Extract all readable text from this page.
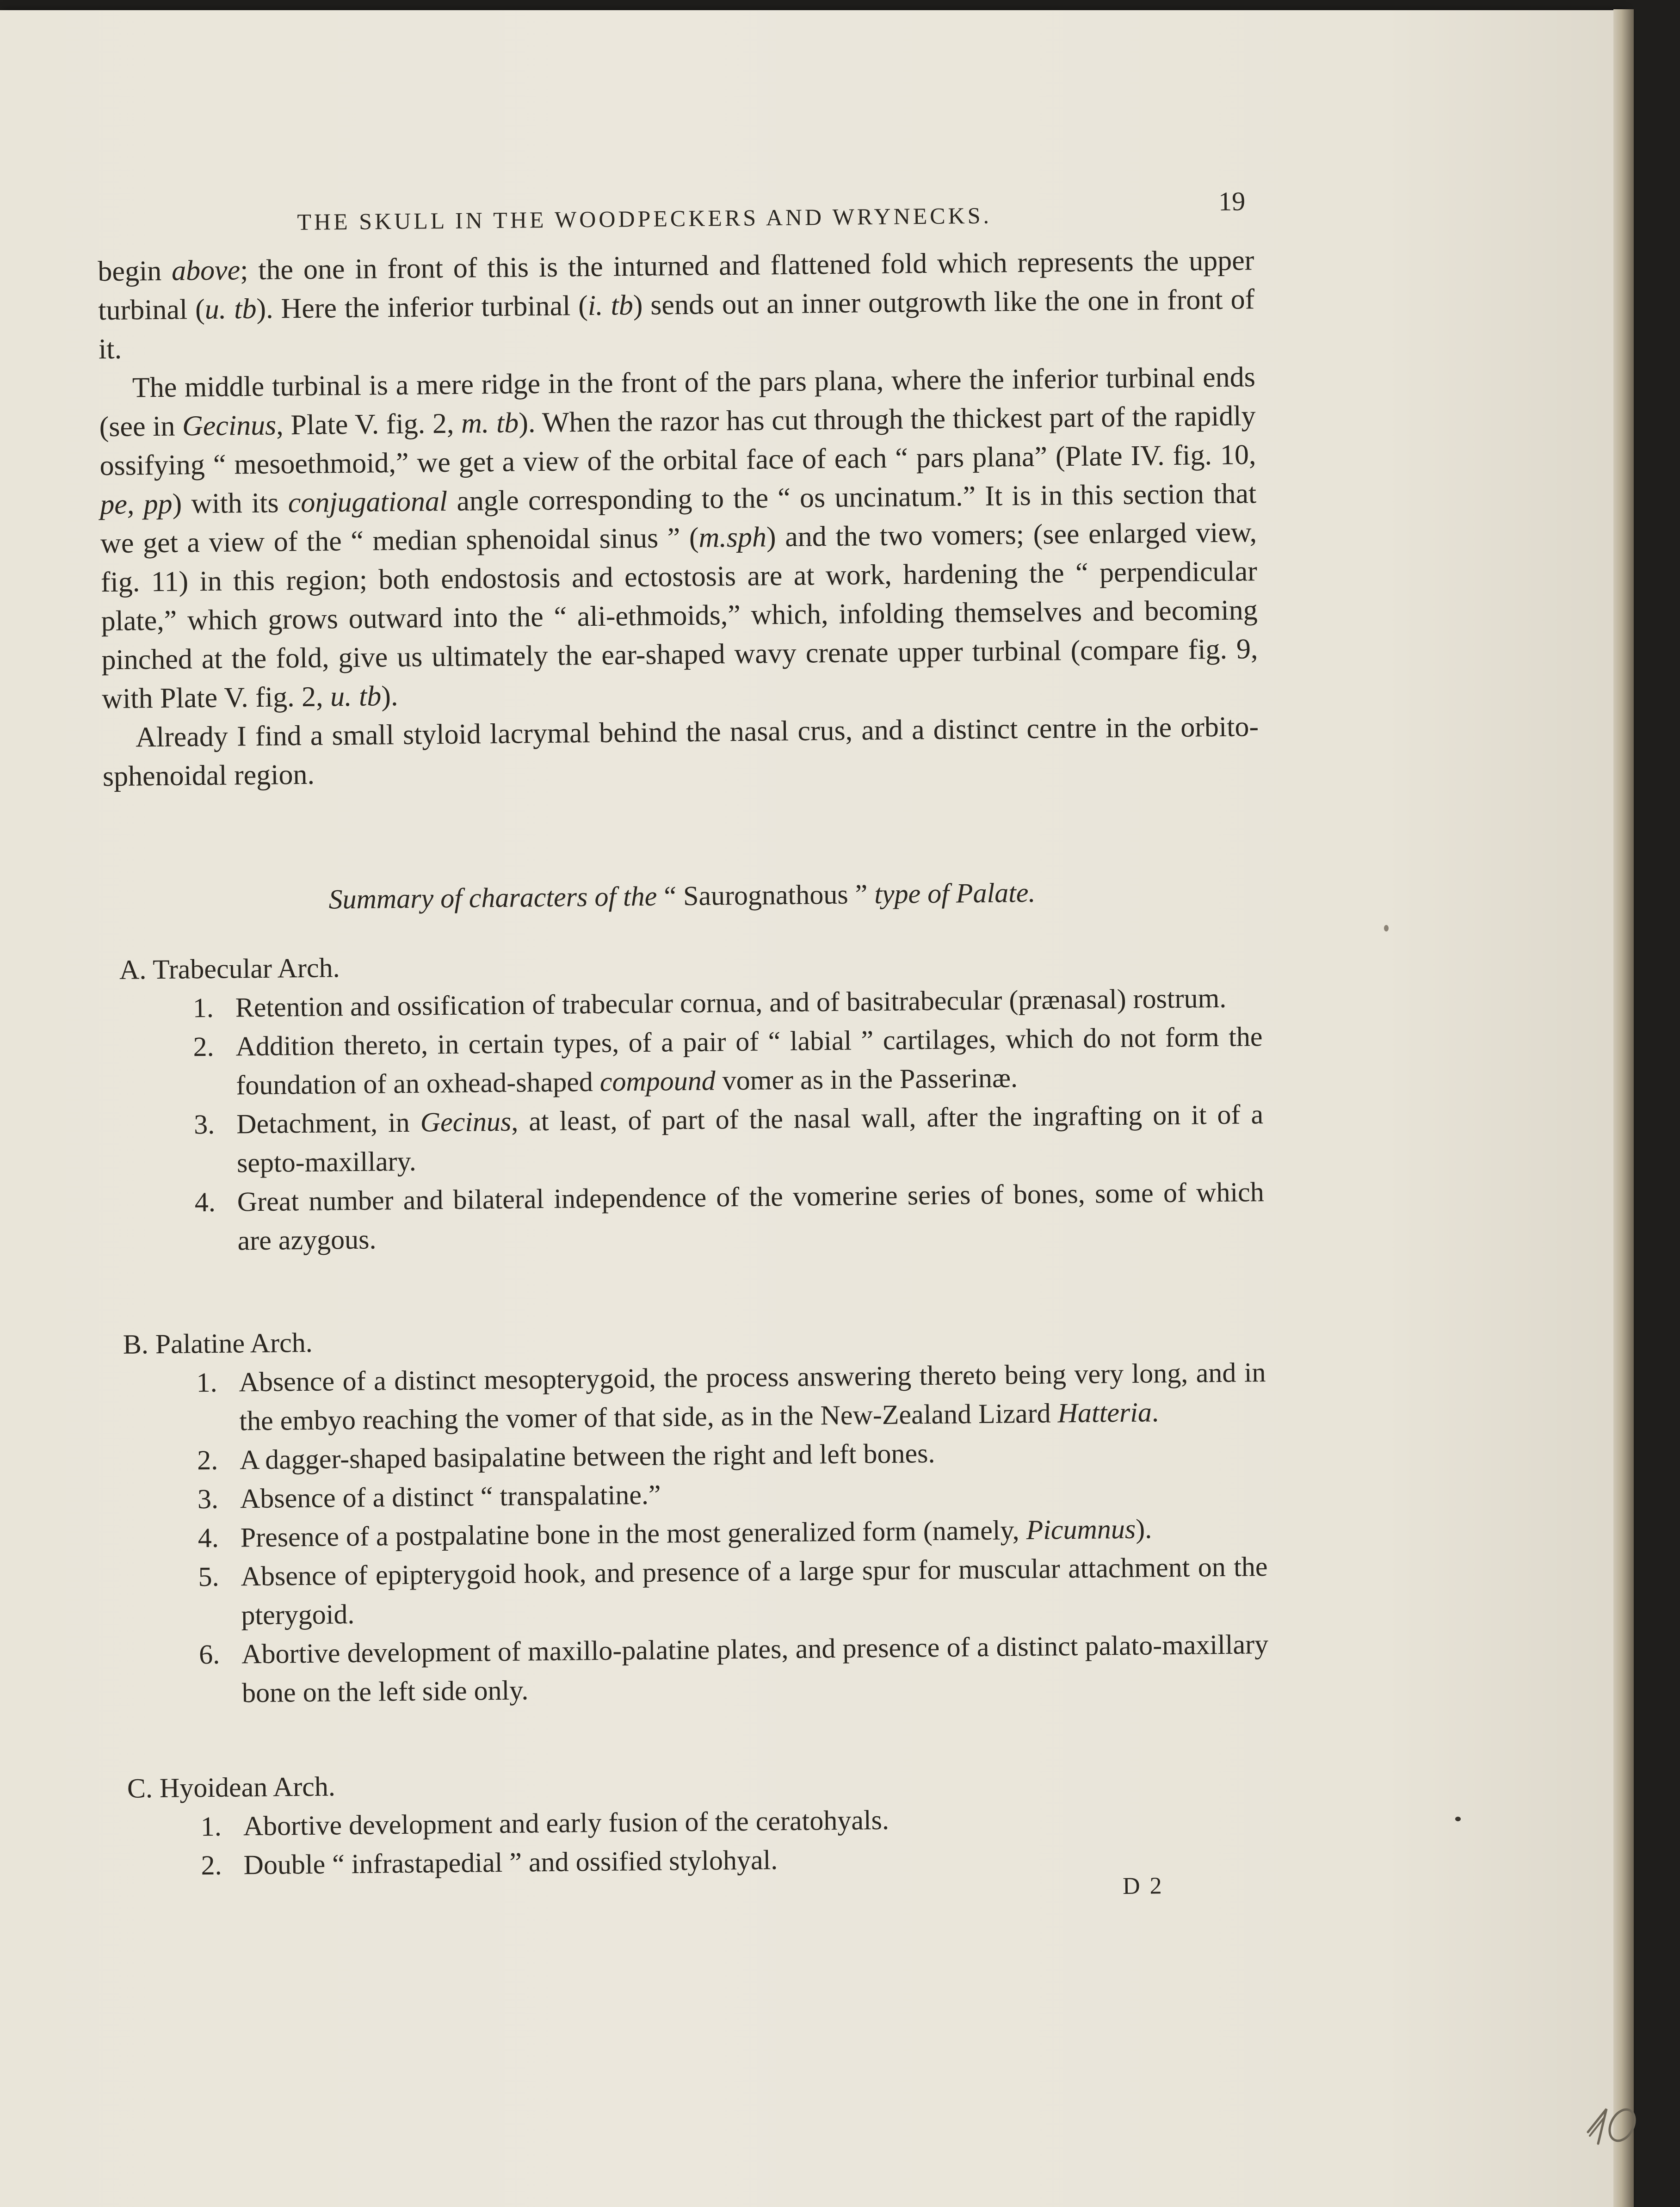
THE SKULL IN THE WOODPECKERS AND WRYNECKS.
19

begin above; the one in front of this is the inturned and flattened fold which represents the upper turbinal (u. tb). Here the inferior turbinal (i. tb) sends out an inner outgrowth like the one in front of it.

The middle turbinal is a mere ridge in the front of the pars plana, where the inferior turbinal ends (see in Gecinus, Plate V. fig. 2, m. tb). When the razor has cut through the thickest part of the rapidly ossifying “ mesoethmoid,” we get a view of the orbital face of each “ pars plana” (Plate IV. fig. 10, pe, pp) with its conjugational angle corresponding to the “ os uncinatum.” It is in this section that we get a view of the “ median sphenoidal sinus ” (m.sph) and the two vomers; (see enlarged view, fig. 11) in this region; both endostosis and ectostosis are at work, hardening the “ perpendicular plate,” which grows outward into the “ ali-ethmoids,” which, infolding themselves and becoming pinched at the fold, give us ultimately the ear-shaped wavy crenate upper turbinal (compare fig. 9, with Plate V. fig. 2, u. tb).

Already I find a small styloid lacrymal behind the nasal crus, and a distinct centre in the orbito-sphenoidal region.

Summary of characters of the “ Saurognathous ” type of Palate.
A. Trabecular Arch.
1. Retention and ossification of trabecular cornua, and of basitrabecular (prænasal) rostrum.
2. Addition thereto, in certain types, of a pair of “ labial ” cartilages, which do not form the foundation of an oxhead-shaped compound vomer as in the Passerinæ.
3. Detachment, in Gecinus, at least, of part of the nasal wall, after the ingrafting on it of a septo-maxillary.
4. Great number and bilateral independence of the vomerine series of bones, some of which are azygous.
B. Palatine Arch.
1. Absence of a distinct mesopterygoid, the process answering thereto being very long, and in the embyo reaching the vomer of that side, as in the New-Zealand Lizard Hatteria.
2. A dagger-shaped basipalatine between the right and left bones.
3. Absence of a distinct “ transpalatine.”
4. Presence of a postpalatine bone in the most generalized form (namely, Picumnus).
5. Absence of epipterygoid hook, and presence of a large spur for muscular attachment on the pterygoid.
6. Abortive development of maxillo-palatine plates, and presence of a distinct palato-maxillary bone on the left side only.
C. Hyoidean Arch.
1. Abortive development and early fusion of the ceratohyals.
2. Double “ infrastapedial ” and ossified stylohyal.
D 2
